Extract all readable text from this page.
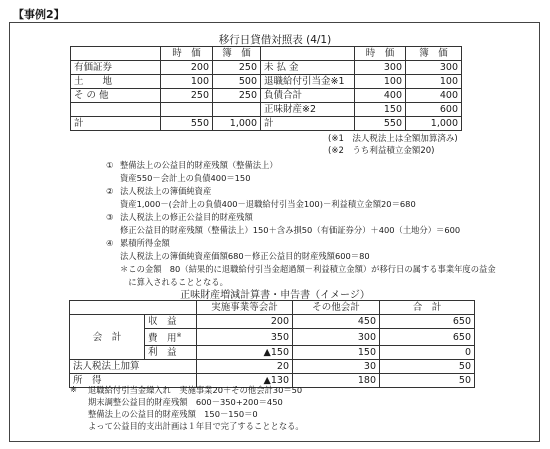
【事例2】
移行日貸借対照表 (4/1)
	時　価	簿　価		時　価	簿　価
有価証券	200	250	未 払 金	300	300
土　　地	100	500	退職給付引当金※1	100	100
そ の 他	250	250	負債合計	400	400
			正味財産※2	150	600
計	550	1,000	計	550	1,000
(※1　法人税法上は全額加算済み)
(※2　うち利益積立金額20)
① 整備法上の公益目的財産残額（整備法上）
資産550－会計上の負債400＝150
② 法人税法上の簿価純資産
資産1,000－(会計上の負債400－退職給付引当金100)－利益積立金額20＝680
③ 法人税法上の修正公益目的財産残額
修正公益目的財産残額（整備法上）150＋含み損50（有価証券分）＋400（土地分）＝600
④ 累積所得金額
法人税法上の簿価純資産価額680－修正公益目的財産残額600＝80
＊この金額　80（結果的に退職給付引当金超過額－利益積立金額）が移行日の属する事業年度の益金
　に算入されることとなる。
正味財産増減計算書・申告書（イメージ）
		実施事業等会計	その他会計	合　計
会　計	収　益	200	450	650
	費　用※	350	300	650
	利　益	▲150	150	0
法人税法上加算		20	30	50
所　得		▲130	180	50
※ 退職給付引当金繰入れ　実施事業20＋その他会計30＝50
期末調整公益目的財産残額　600－350+200＝450
整備法上の公益目的財産残額　150－150＝0
よって公益目的支出計画は１年目で完了することとなる。
